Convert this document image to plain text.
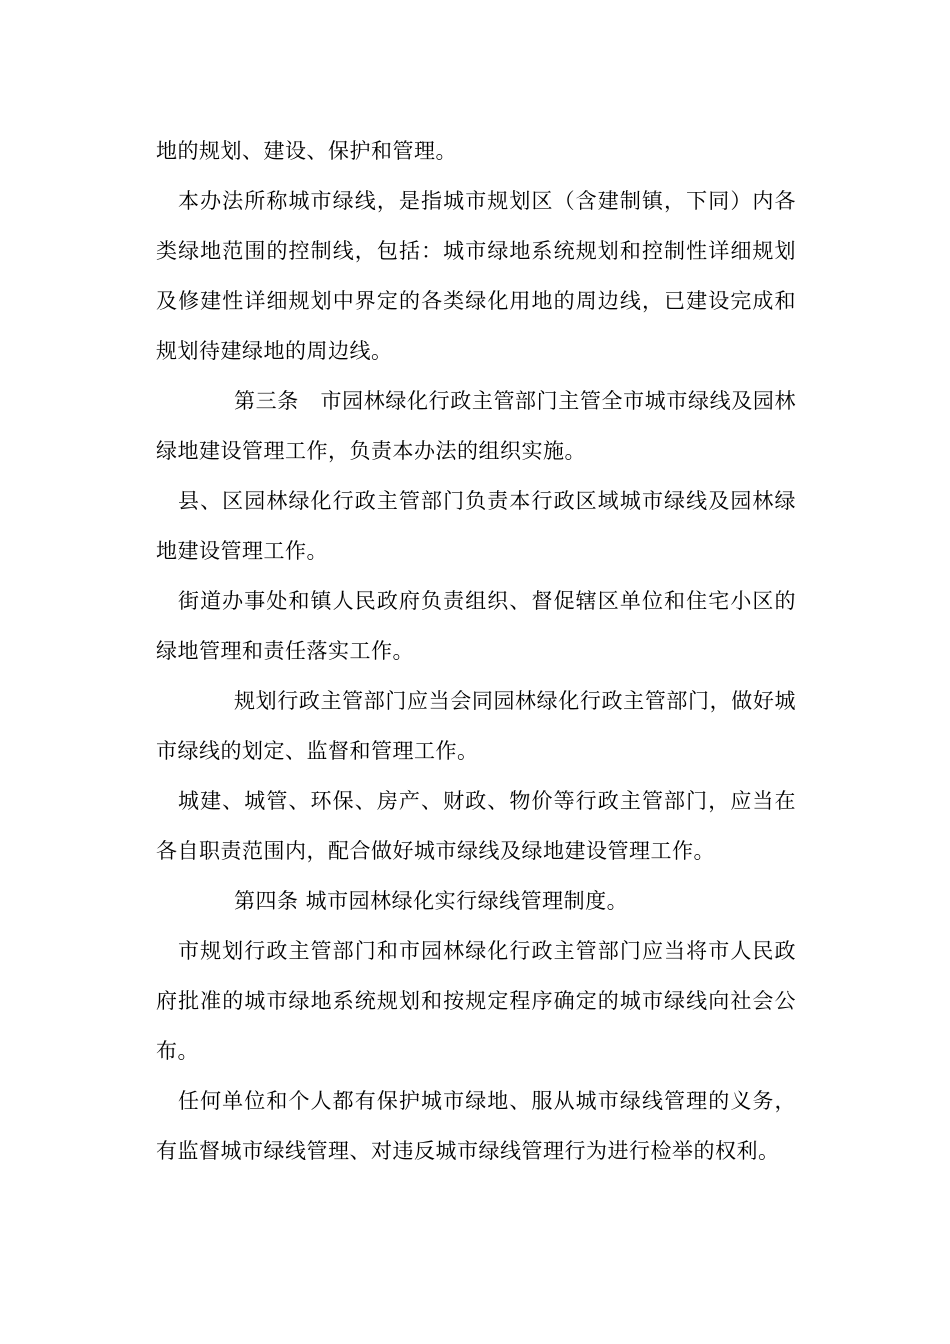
地的规划、建设、保护和管理。

本办法所称城市绿线，是指城市规划区（含建制镇，下同）内各类绿地范围的控制线，包括：城市绿地系统规划和控制性详细规划及修建性详细规划中界定的各类绿化用地的周边线，已建设完成和规划待建绿地的周边线。

第三条　市园林绿化行政主管部门主管全市城市绿线及园林绿地建设管理工作，负责本办法的组织实施。

县、区园林绿化行政主管部门负责本行政区域城市绿线及园林绿地建设管理工作。

街道办事处和镇人民政府负责组织、督促辖区单位和住宅小区的绿地管理和责任落实工作。

规划行政主管部门应当会同园林绿化行政主管部门，做好城市绿线的划定、监督和管理工作。

城建、城管、环保、房产、财政、物价等行政主管部门，应当在各自职责范围内，配合做好城市绿线及绿地建设管理工作。

第四条 城市园林绿化实行绿线管理制度。

市规划行政主管部门和市园林绿化行政主管部门应当将市人民政府批准的城市绿地系统规划和按规定程序确定的城市绿线向社会公布。

任何单位和个人都有保护城市绿地、服从城市绿线管理的义务，有监督城市绿线管理、对违反城市绿线管理行为进行检举的权利。
